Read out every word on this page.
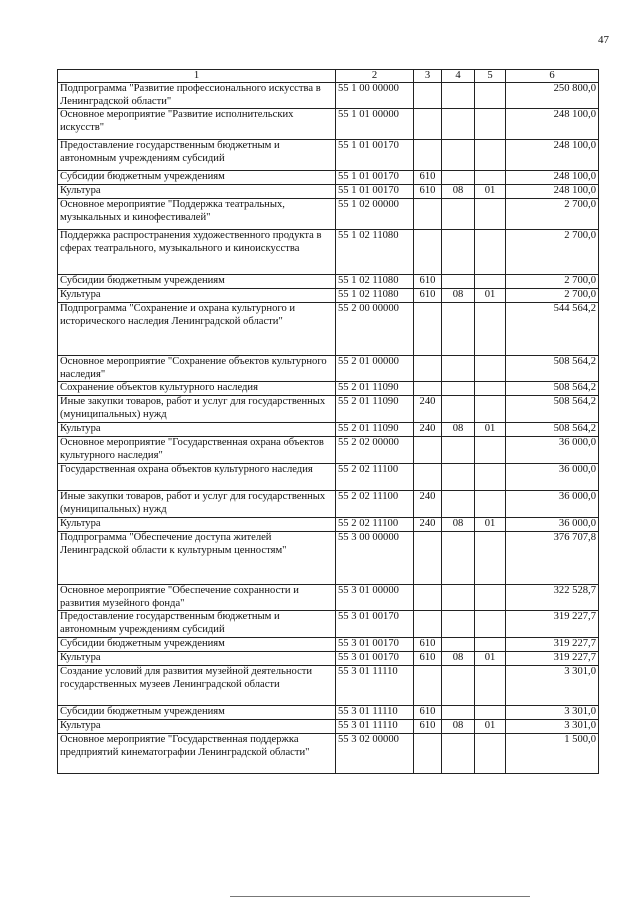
47
1	2	3	4	5	6
Подпрограмма "Развитие профессионального искусства в Ленинградской области"	55 1 00 00000				250 800,0
Основное мероприятие "Развитие исполнительских искусств"	55 1 01 00000				248 100,0
Предоставление государственным бюджетным и автономным учреждениям субсидий	55 1 01 00170				248 100,0
Субсидии бюджетным учреждениям	55 1 01 00170	610			248 100,0
Культура	55 1 01 00170	610	08	01	248 100,0
Основное мероприятие "Поддержка театральных, музыкальных и кинофестивалей"	55 1 02 00000				2 700,0
Поддержка распространения художественного продукта в сферах театрального, музыкального и киноискусства	55 1 02 11080				2 700,0
Субсидии бюджетным учреждениям	55 1 02 11080	610			2 700,0
Культура	55 1 02 11080	610	08	01	2 700,0
Подпрограмма "Сохранение и охрана культурного и исторического наследия Ленинградской области"	55 2 00 00000				544 564,2
Основное мероприятие "Сохранение объектов культурного наследия"	55 2 01 00000				508 564,2
Сохранение объектов культурного наследия	55 2 01 11090				508 564,2
Иные закупки товаров, работ и услуг для государственных (муниципальных) нужд	55 2 01 11090	240			508 564,2
Культура	55 2 01 11090	240	08	01	508 564,2
Основное мероприятие "Государственная охрана объектов культурного наследия"	55 2 02 00000				36 000,0
Государственная охрана объектов культурного наследия	55 2 02 11100				36 000,0
Иные закупки товаров, работ и услуг для государственных (муниципальных) нужд	55 2 02 11100	240			36 000,0
Культура	55 2 02 11100	240	08	01	36 000,0
Подпрограмма "Обеспечение доступа жителей Ленинградской области к культурным ценностям"	55 3 00 00000				376 707,8
Основное мероприятие "Обеспечение сохранности и развития музейного фонда"	55 3 01 00000				322 528,7
Предоставление государственным бюджетным и автономным учреждениям субсидий	55 3 01 00170				319 227,7
Субсидии бюджетным учреждениям	55 3 01 00170	610			319 227,7
Культура	55 3 01 00170	610	08	01	319 227,7
Создание условий для развития музейной деятельности государственных музеев Ленинградской области	55 3 01 11110				3 301,0
Субсидии бюджетным учреждениям	55 3 01 11110	610			3 301,0
Культура	55 3 01 11110	610	08	01	3 301,0
Основное мероприятие "Государственная поддержка предприятий кинематографии Ленинградской области"	55 3 02 00000				1 500,0
